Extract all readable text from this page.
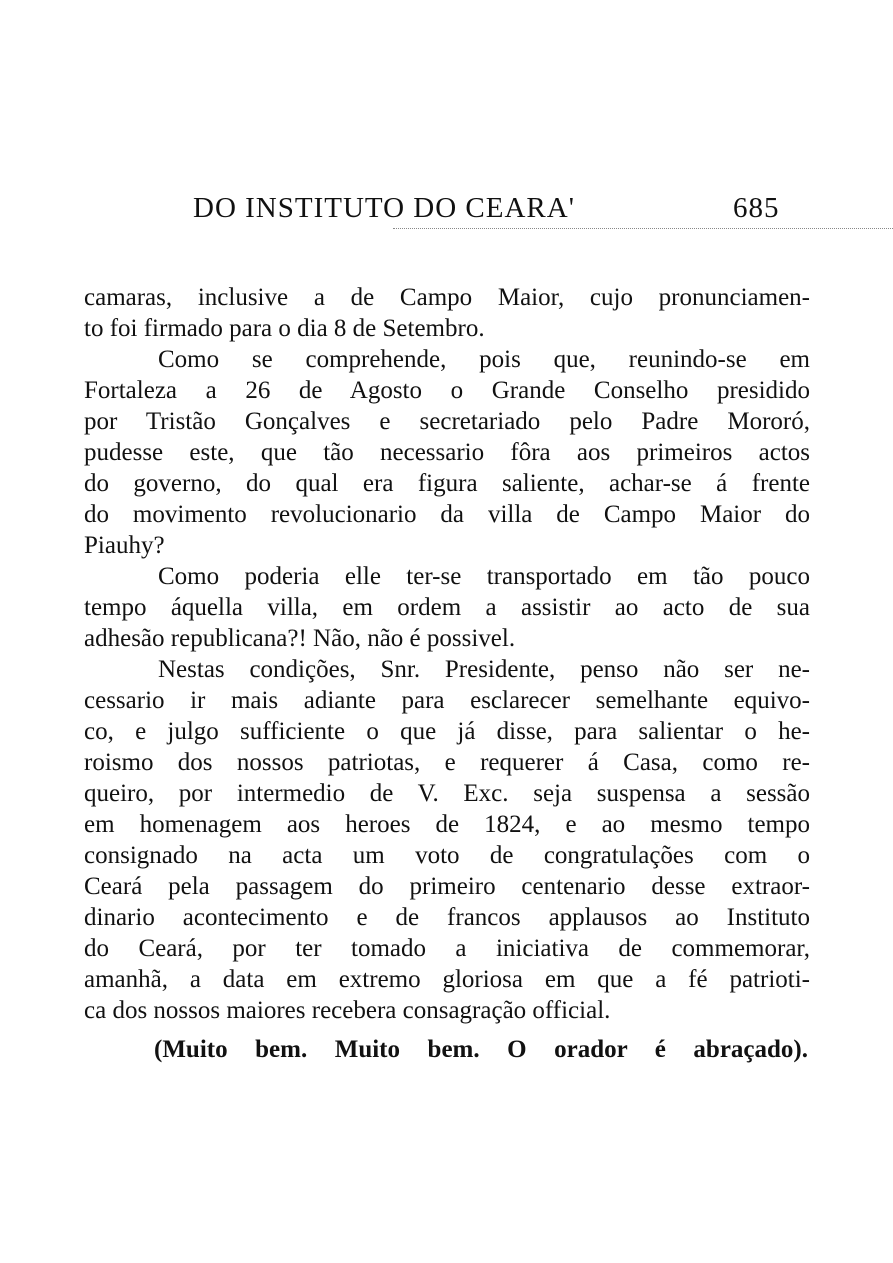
DO INSTITUTO DO CEARA'	685
camaras, inclusive a de Campo Maior, cujo pronunciamen-
to foi firmado para o dia 8 de Setembro.
Como se comprehende, pois que, reunindo-se em
Fortaleza a 26 de Agosto o Grande Conselho presidido
por Tristão Gonçalves e secretariado pelo Padre Mororó,
pudesse este, que tão necessario fôra aos primeiros actos
do governo, do qual era figura saliente, achar-se á frente
do movimento revolucionario da villa de Campo Maior do
Piauhy?
Como poderia elle ter-se transportado em tão pouco
tempo áquella villa, em ordem a assistir ao acto de sua
adhesão republicana?! Não, não é possivel.
Nestas condições, Snr. Presidente, penso não ser ne-
cessario ir mais adiante para esclarecer semelhante equivo-
co, e julgo sufficiente o que já disse, para salientar o he-
roismo dos nossos patriotas, e requerer á Casa, como re-
queiro, por intermedio de V. Exc. seja suspensa a sessão
em homenagem aos heroes de 1824, e ao mesmo tempo
consignado na acta um voto de congratulações com o
Ceará pela passagem do primeiro centenario desse extraor-
dinario acontecimento e de francos applausos ao Instituto
do Ceará, por ter tomado a iniciativa de commemorar,
amanhã, a data em extremo gloriosa em que a fé patrioti-
ca dos nossos maiores recebera consagração official.
(Muito bem. Muito bem. O orador é abraçado).
